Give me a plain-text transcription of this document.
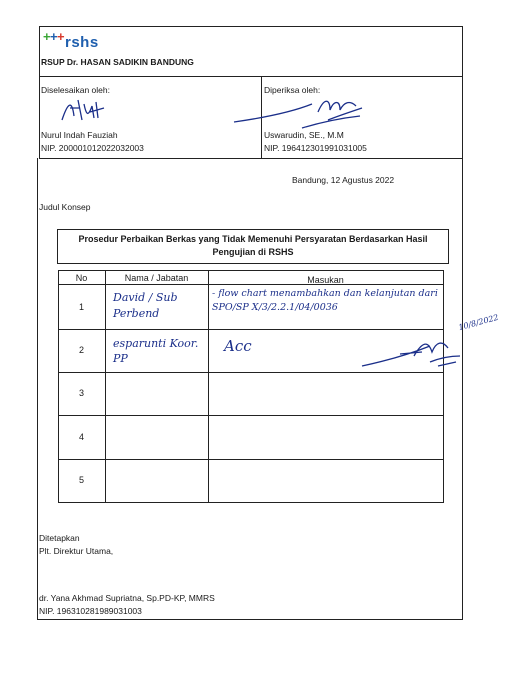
+ + + rshs
RSUP Dr. HASAN SADIKIN BANDUNG
Diselesaikan oleh:
Nurul Indah Fauziah
NIP. 200001012022032003
Diperiksa oleh:
Uswarudin, SE., M.M
NIP. 196412301991031005
Bandung, 12 Agustus 2022
Judul Konsep
Prosedur Perbaikan Berkas yang Tidak Memenuhi Persyaratan Berdasarkan Hasil
Pengujian di RSHS
No	Nama / Jabatan	Masukan
1
2
3
4
5
David / Sub Perbend
- flow chart menambahkan dan kelanjutan dari SPO/SP X/3/2.2.1/04/0036
10/8/2022
esparunti Koor. PP
Acc
Ditetapkan
Plt. Direktur Utama,
dr. Yana Akhmad Supriatna, Sp.PD-KP, MMRS
NIP. 196310281989031003
